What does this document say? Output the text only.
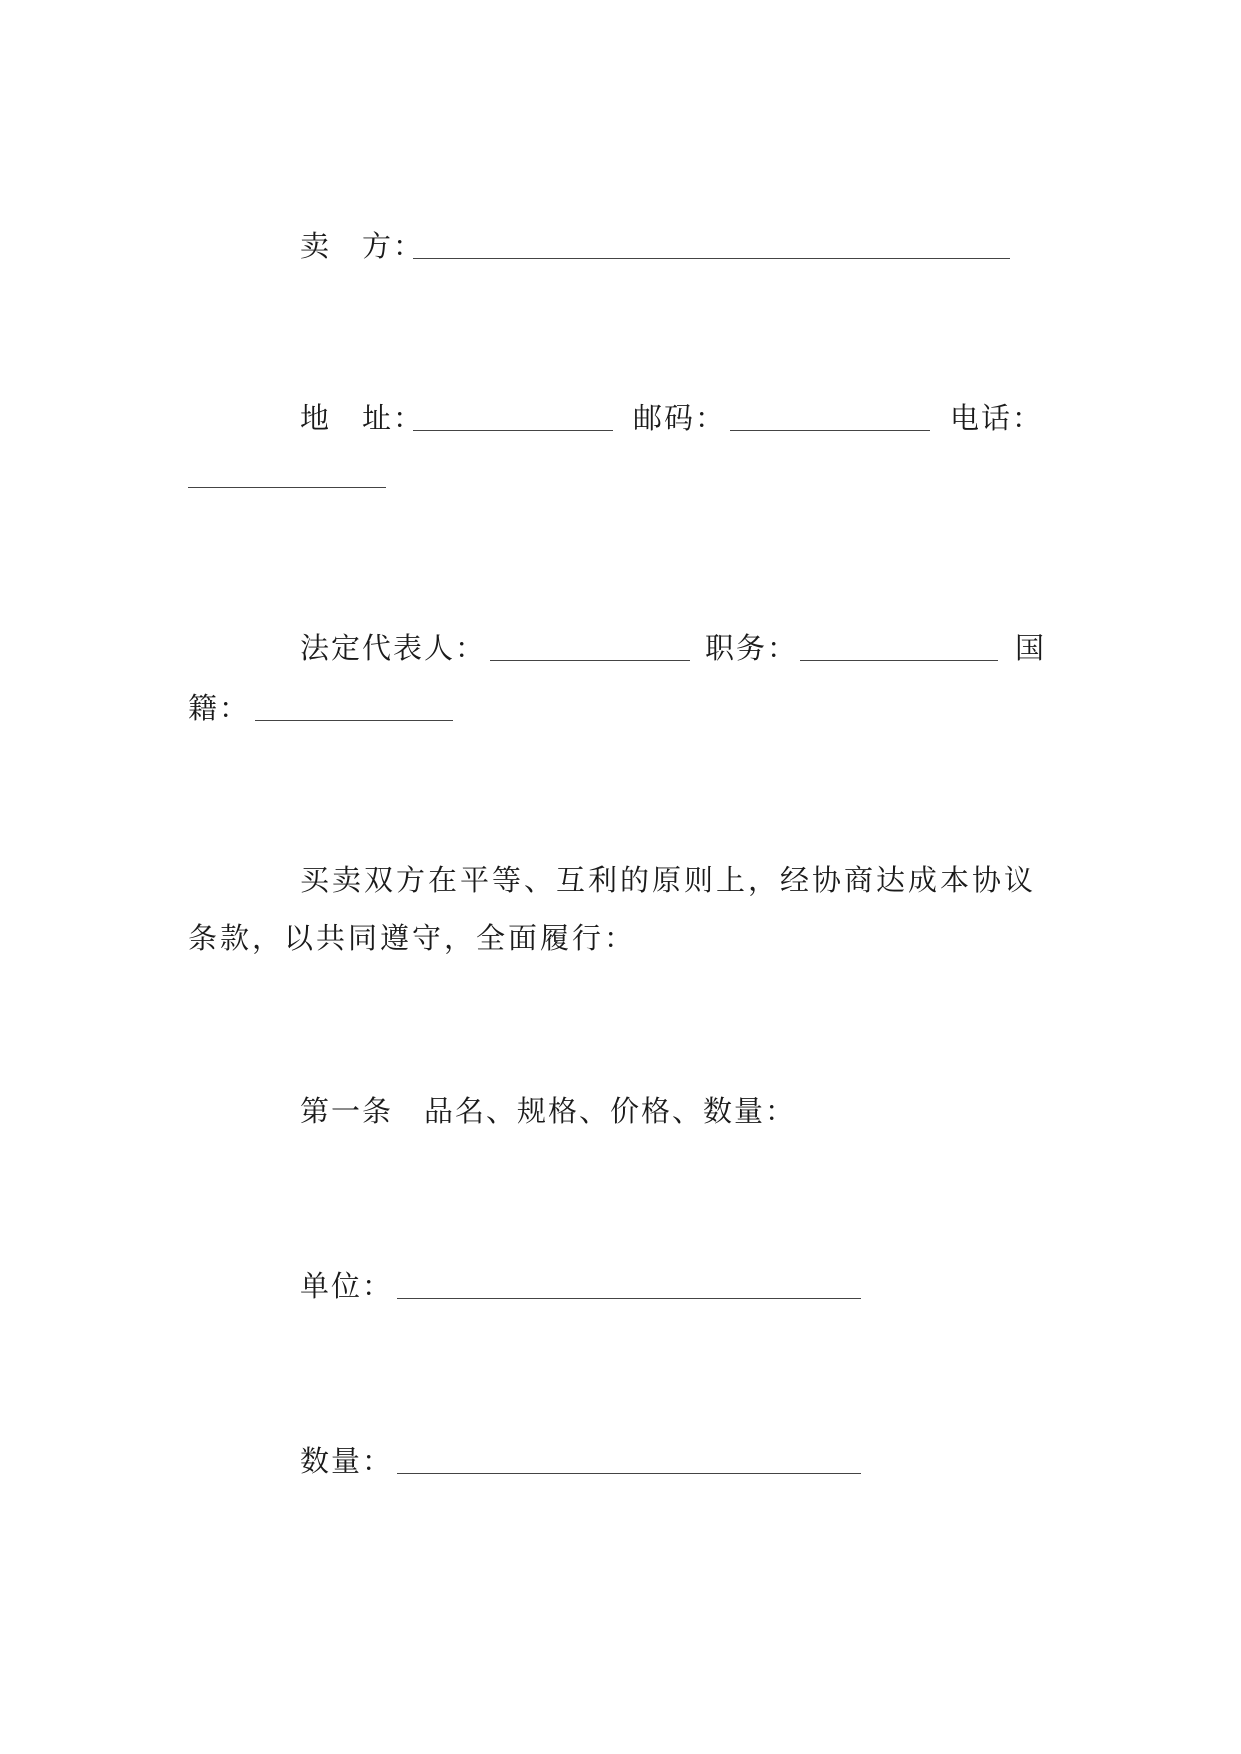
卖　方：
地　址：	邮码：	电话：
法定代表人：	职务：	国
籍：
买卖双方在平等、互利的原则上，经协商达成本协议
条款，以共同遵守，全面履行：
第一条　品名、规格、价格、数量：
单位：
数量：
